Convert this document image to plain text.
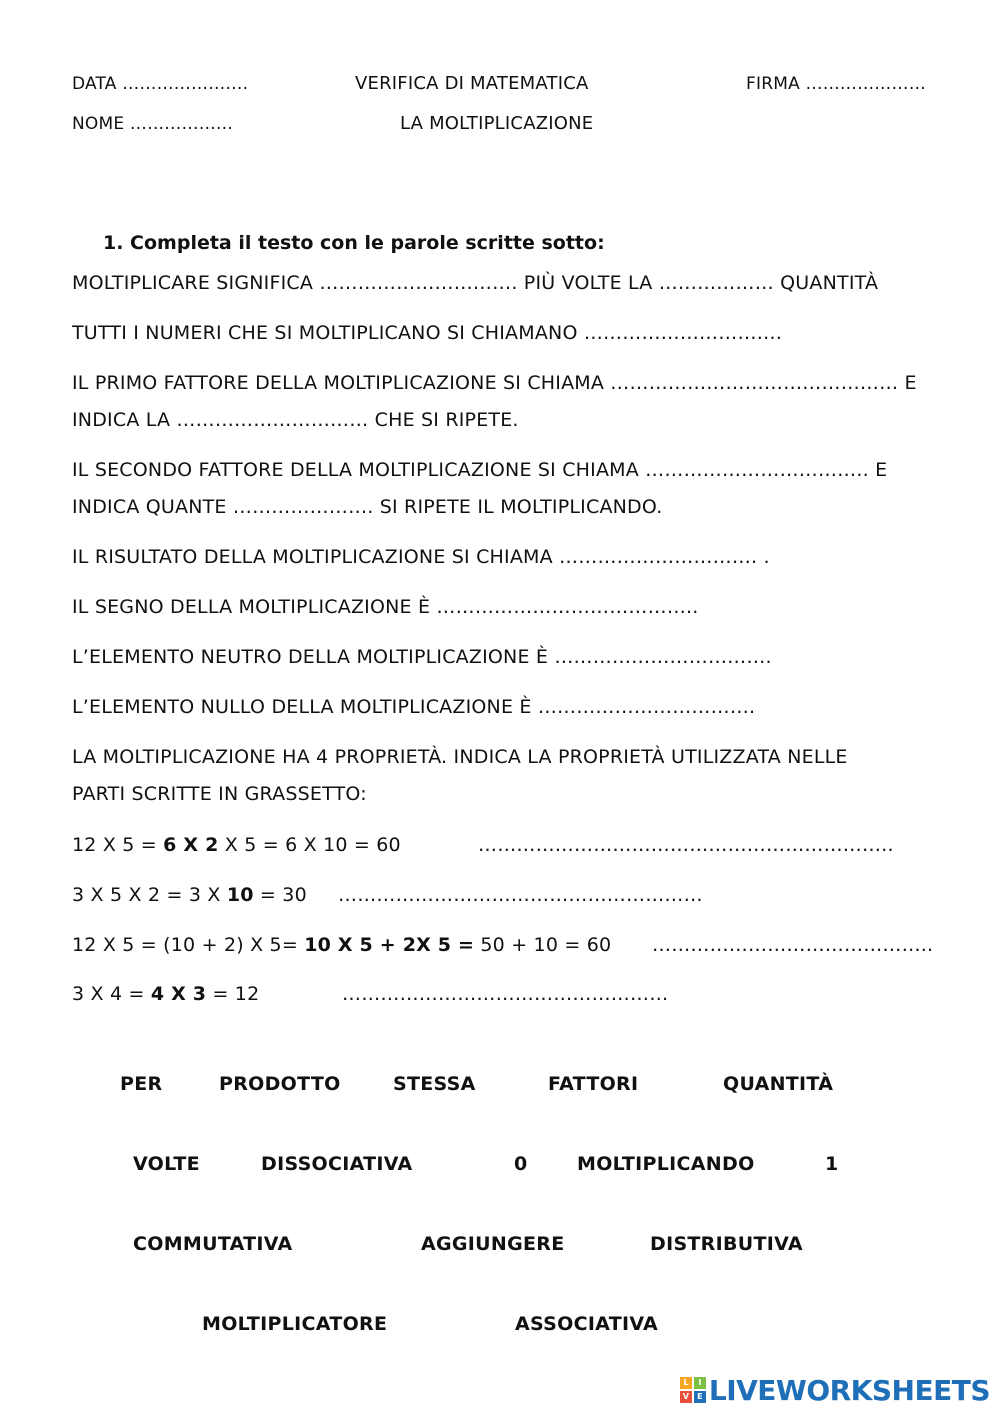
DATA ………………….	VERIFICA DI MATEMATICA	FIRMA …………………
NOME ………………	LA MOLTIPLICAZIONE
1. Completa il testo con le parole scritte sotto:
MOLTIPLICARE SIGNIFICA …………………………. PIÙ VOLTE LA ……………… QUANTITÀ
TUTTI I NUMERI CHE SI MOLTIPLICANO SI CHIAMANO ………………………….
IL PRIMO FATTORE DELLA MOLTIPLICAZIONE SI CHIAMA ……………………………………… E
INDICA LA ………………………… CHE SI RIPETE.
IL SECONDO FATTORE DELLA MOLTIPLICAZIONE SI CHIAMA …………………………….. E
INDICA QUANTE …………………. SI RIPETE IL MOLTIPLICANDO.
IL RISULTATO DELLA MOLTIPLICAZIONE SI CHIAMA …………………………. .
IL SEGNO DELLA MOLTIPLICAZIONE È …………………………………..
L’ELEMENTO NEUTRO DELLA MOLTIPLICAZIONE È …………………………….
L’ELEMENTO NULLO DELLA MOLTIPLICAZIONE È …………………………….
LA MOLTIPLICAZIONE HA 4 PROPRIETÀ. INDICA LA PROPRIETÀ UTILIZZATA NELLE
PARTI SCRITTE IN GRASSETTO:
12 X 5 = 6 X 2 X 5 = 6 X 10 = 60	………………………………………………………..
3 X 5 X 2 = 3 X 10 = 30 …………………………………………………
12 X 5 = (10 + 2) X 5= 10 X 5 + 2X 5 = 50 + 10 = 60 ……………………………………..
3 X 4 = 4 X 3 = 12	……………………………………………
PER	PRODOTTO	STESSA	FATTORI	QUANTITÀ
VOLTE	DISSOCIATIVA	0	MOLTIPLICANDO	1
COMMUTATIVA	AGGIUNGERE	DISTRIBUTIVA
MOLTIPLICATORE	ASSOCIATIVA
L	I
V	E LIVEWORKSHEETS
